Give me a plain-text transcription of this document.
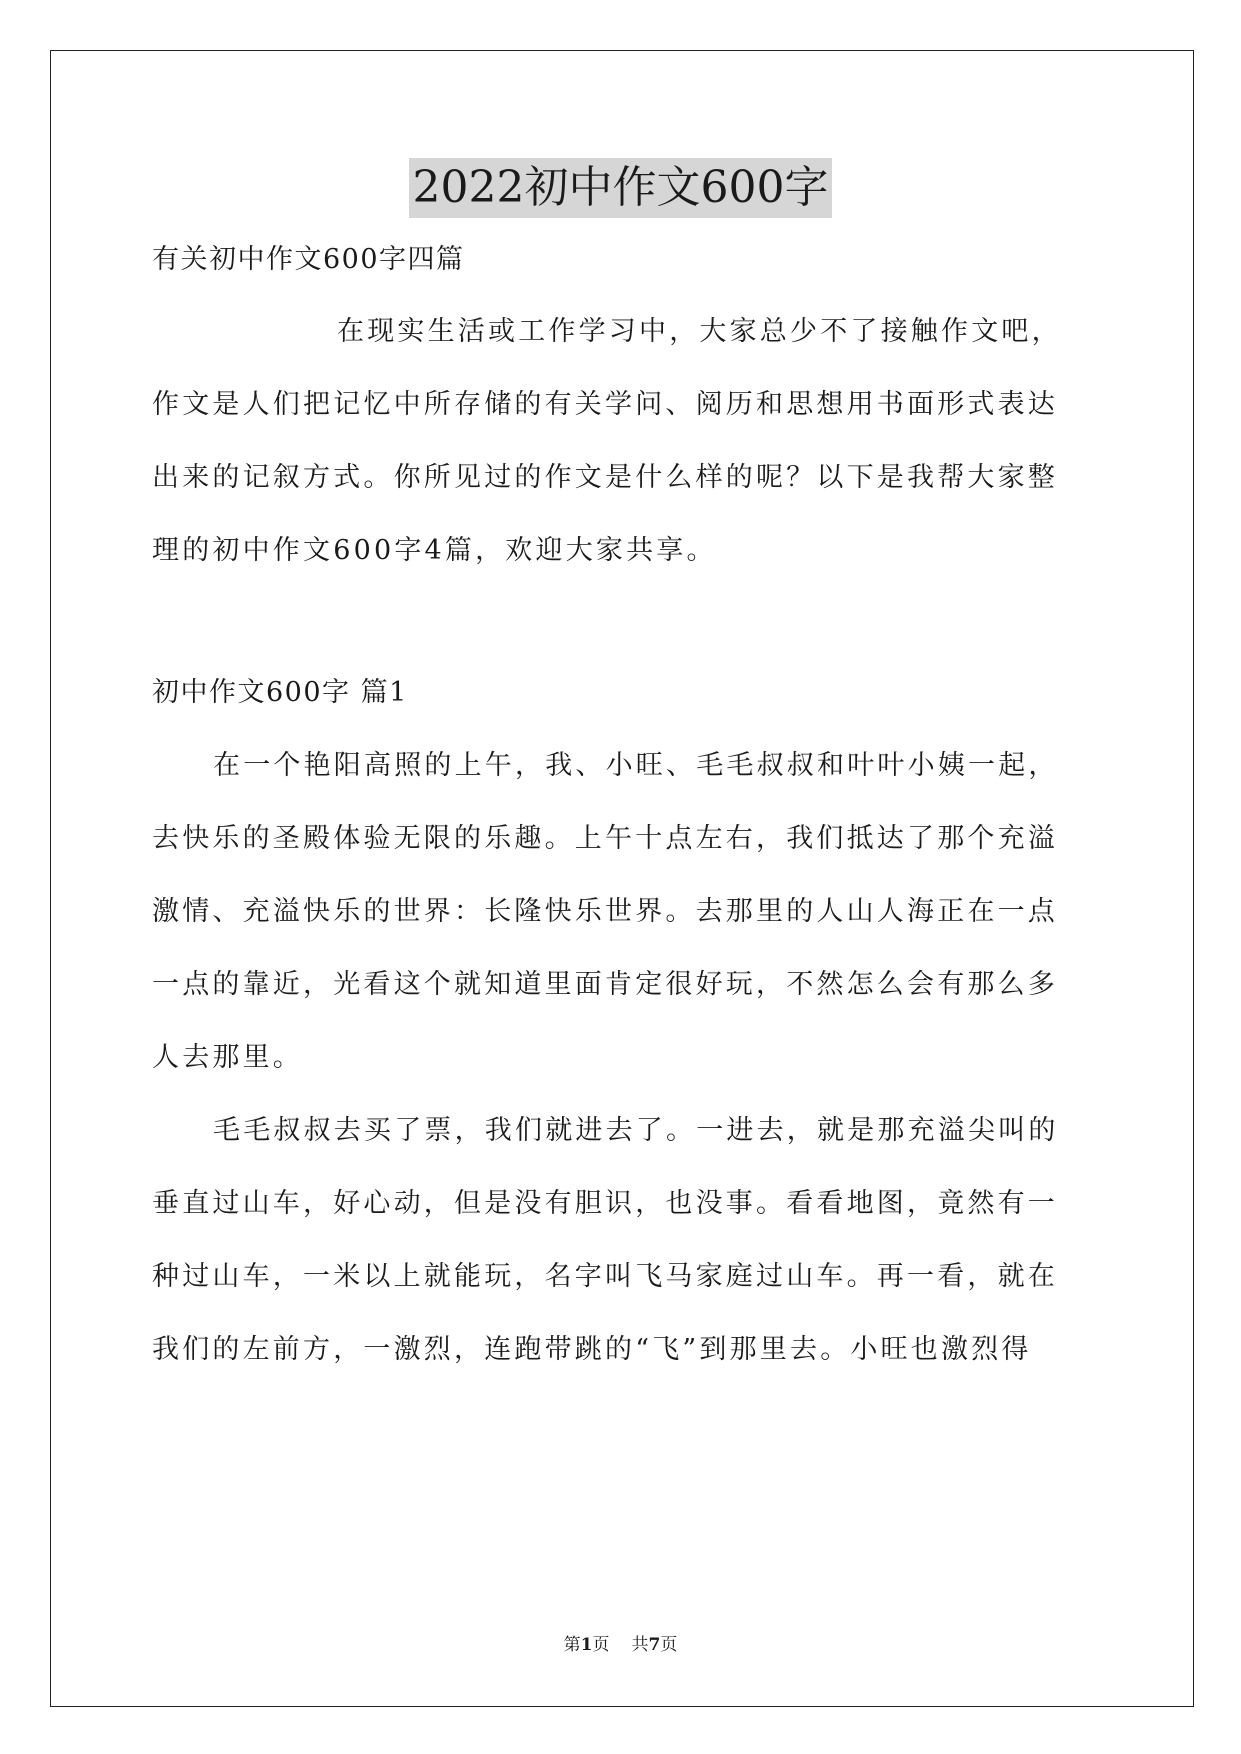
2022初中作文600字
有关初中作文600字四篇
在现实生活或工作学习中，大家总少不了接触作文吧，
作文是人们把记忆中所存储的有关学问、阅历和思想用书面形式表达
出来的记叙方式。你所见过的作文是什么样的呢？以下是我帮大家整
理的初中作文600字4篇，欢迎大家共享。
初中作文600字 篇1
在一个艳阳高照的上午，我、小旺、毛毛叔叔和叶叶小姨一起，
去快乐的圣殿体验无限的乐趣。上午十点左右，我们抵达了那个充溢
激情、充溢快乐的世界：长隆快乐世界。去那里的人山人海正在一点
一点的靠近，光看这个就知道里面肯定很好玩，不然怎么会有那么多
人去那里。
毛毛叔叔去买了票，我们就进去了。一进去，就是那充溢尖叫的
垂直过山车，好心动，但是没有胆识，也没事。看看地图，竟然有一
种过山车，一米以上就能玩，名字叫飞马家庭过山车。再一看，就在
我们的左前方，一激烈，连跑带跳的“飞”到那里去。小旺也激烈得
第1页 共7页
